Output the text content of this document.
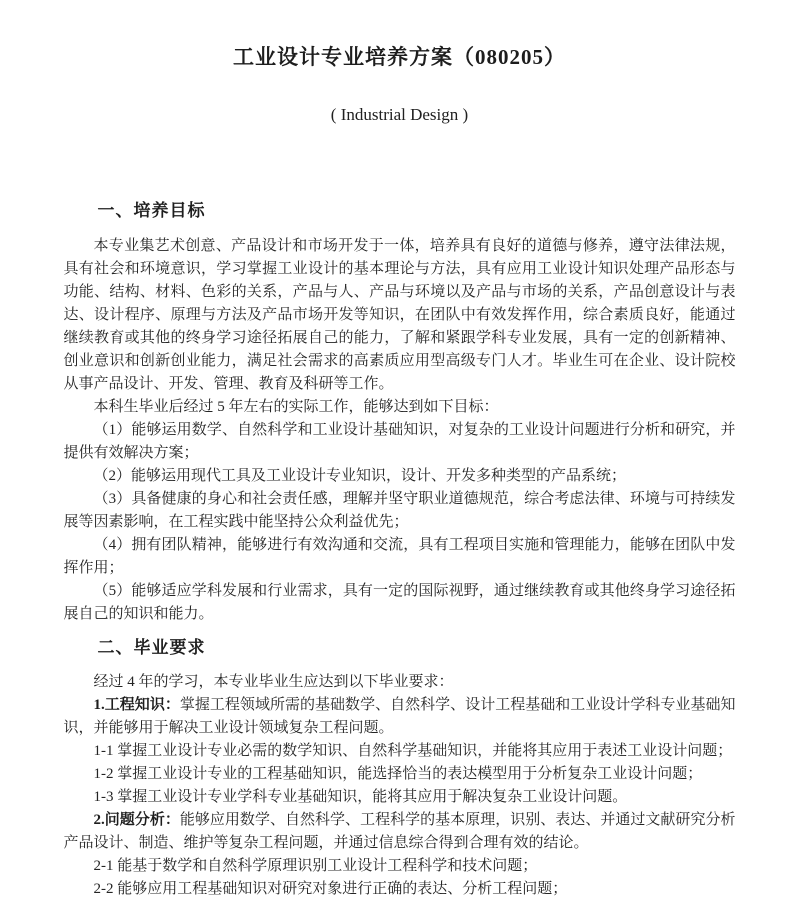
工业设计专业培养方案（080205）
( Industrial Design )
一、培养目标

本专业集艺术创意、产品设计和市场开发于一体，培养具有良好的道德与修养，遵守法律法规，具有社会和环境意识，学习掌握工业设计的基本理论与方法，具有应用工业设计知识处理产品形态与功能、结构、材料、色彩的关系，产品与人、产品与环境以及产品与市场的关系，产品创意设计与表达、设计程序、原理与方法及产品市场开发等知识，在团队中有效发挥作用，综合素质良好，能通过继续教育或其他的终身学习途径拓展自己的能力，了解和紧跟学科专业发展，具有一定的创新精神、创业意识和创新创业能力，满足社会需求的高素质应用型高级专门人才。毕业生可在企业、设计院校从事产品设计、开发、管理、教育及科研等工作。

本科生毕业后经过 5 年左右的实际工作，能够达到如下目标：

（1）能够运用数学、自然科学和工业设计基础知识，对复杂的工业设计问题进行分析和研究，并提供有效解决方案；

（2）能够运用现代工具及工业设计专业知识，设计、开发多种类型的产品系统；

（3）具备健康的身心和社会责任感，理解并坚守职业道德规范，综合考虑法律、环境与可持续发展等因素影响，在工程实践中能坚持公众利益优先；

（4）拥有团队精神，能够进行有效沟通和交流，具有工程项目实施和管理能力，能够在团队中发挥作用；

（5）能够适应学科发展和行业需求，具有一定的国际视野，通过继续教育或其他终身学习途径拓展自己的知识和能力。

二、毕业要求

经过 4 年的学习，本专业毕业生应达到以下毕业要求：

1.工程知识：掌握工程领域所需的基础数学、自然科学、设计工程基础和工业设计学科专业基础知识，并能够用于解决工业设计领域复杂工程问题。

1-1 掌握工业设计专业必需的数学知识、自然科学基础知识，并能将其应用于表述工业设计问题；

1-2 掌握工业设计专业的工程基础知识，能选择恰当的表达模型用于分析复杂工业设计问题；

1-3 掌握工业设计专业学科专业基础知识，能将其应用于解决复杂工业设计问题。

2.问题分析：能够应用数学、自然科学、工程科学的基本原理，识别、表达、并通过文献研究分析产品设计、制造、维护等复杂工程问题，并通过信息综合得到合理有效的结论。

2-1 能基于数学和自然科学原理识别工业设计工程科学和技术问题；

2-2 能够应用工程基础知识对研究对象进行正确的表达、分析工程问题；
